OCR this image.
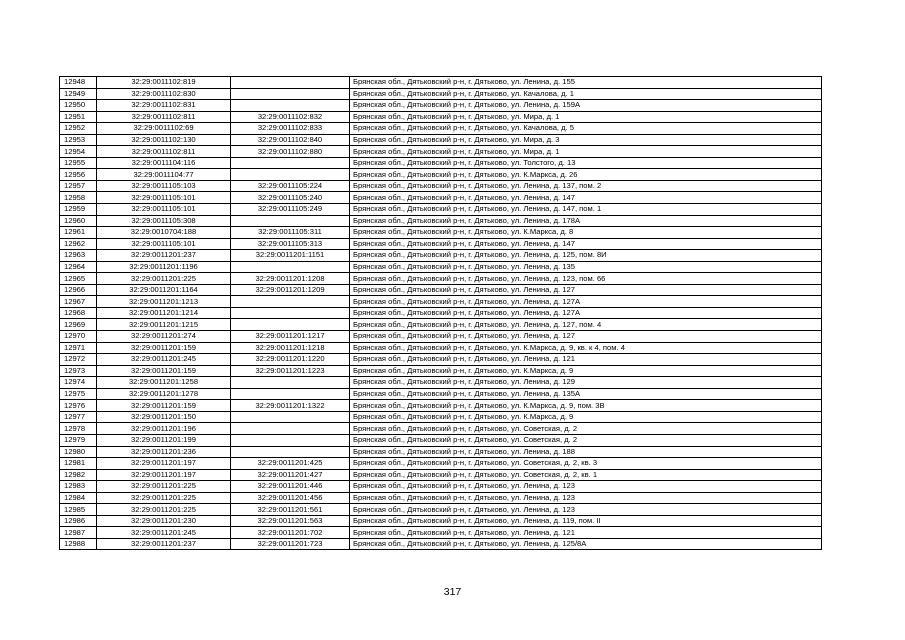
12948	32:29:0011102:819		Брянская обл., Дятьковский р-н, г. Дятьково, ул. Ленина, д. 155
12949	32:29:0011102:830		Брянская обл., Дятьковский р-н, г. Дятьково, ул. Качалова, д. 1
12950	32:29:0011102:831		Брянская обл., Дятьковский р-н, г. Дятьково, ул. Ленина, д. 159А
12951	32:29:0011102:811	32:29:0011102:832	Брянская обл., Дятьковский р-н, г. Дятьково, ул. Мира, д. 1
12952	32:29:0011102:69	32:29:0011102:833	Брянская обл., Дятьковский р-н, г. Дятьково, ул. Качалова, д. 5
12953	32:29:0011102:130	32:29:0011102:840	Брянская обл., Дятьковский р-н, г. Дятьково, ул. Мира, д. 3
12954	32:29:0011102:811	32:29:0011102:880	Брянская обл., Дятьковский р-н, г. Дятьково, ул. Мира, д. 1
12955	32:29:0011104:116		Брянская обл., Дятьковский р-н, г. Дятьково, ул. Толстого, д. 13
12956	32:29:0011104:77		Брянская обл., Дятьковский р-н, г. Дятьково, ул. К.Маркса, д. 26
12957	32:29:0011105:103	32:29:0011105:224	Брянская обл., Дятьковский р-н, г. Дятьково, ул. Ленина, д. 137, пом. 2
12958	32:29:0011105:101	32:29:0011105:240	Брянская обл., Дятьковский р-н, г. Дятьково, ул. Ленина, д. 147
12959	32:29:0011105:101	32:29:0011105:249	Брянская обл., Дятьковский р-н, г. Дятьково, ул. Ленина, д. 147, пом. 1
12960	32:29:0011105:308		Брянская обл., Дятьковский р-н, г. Дятьково, ул. Ленина, д. 178А
12961	32:29:0010704:188	32:29:0011105:311	Брянская обл., Дятьковский р-н, г. Дятьково, ул. К.Маркса, д. 8
12962	32:29:0011105:101	32:29:0011105:313	Брянская обл., Дятьковский р-н, г. Дятьково, ул. Ленина, д. 147
12963	32:29:0011201:237	32:29:0011201:1151	Брянская обл., Дятьковский р-н, г. Дятьково, ул. Ленина, д. 125, пом. 8И
12964	32:29:0011201:1196		Брянская обл., Дятьковский р-н, г. Дятьково, ул. Ленина, д. 135
12965	32:29:0011201:225	32:29:0011201:1208	Брянская обл., Дятьковский р-н, г. Дятьково, ул. Ленина, д. 123, пом. 66
12966	32:29:0011201:1164	32:29:0011201:1209	Брянская обл., Дятьковский р-н, г. Дятьково, ул. Ленина, д. 127
12967	32:29:0011201:1213		Брянская обл., Дятьковский р-н, г. Дятьково, ул. Ленина, д. 127А
12968	32:29:0011201:1214		Брянская обл., Дятьковский р-н, г. Дятьково, ул. Ленина, д. 127А
12969	32:29:0011201:1215		Брянская обл., Дятьковский р-н, г. Дятьково, ул. Ленина, д. 127, пом. 4
12970	32:29:0011201:274	32:29:0011201:1217	Брянская обл., Дятьковский р-н, г. Дятьково, ул. Ленина, д. 127
12971	32:29:0011201:159	32:29:0011201:1218	Брянская обл., Дятьковский р-н, г. Дятьково, ул. К.Маркса, д. 9, кв. к 4, пом. 4
12972	32:29:0011201:245	32:29:0011201:1220	Брянская обл., Дятьковский р-н, г. Дятьково, ул. Ленина, д. 121
12973	32:29:0011201:159	32:29:0011201:1223	Брянская обл., Дятьковский р-н, г. Дятьково, ул. К.Маркса, д. 9
12974	32:29:0011201:1258		Брянская обл., Дятьковский р-н, г. Дятьково, ул. Ленина, д. 129
12975	32:29:0011201:1278		Брянская обл., Дятьковский р-н, г. Дятьково, ул. Ленина, д. 135А
12976	32:29:0011201:159	32:29:0011201:1322	Брянская обл., Дятьковский р-н, г. Дятьково, ул. К.Маркса, д. 9, пом. 3В
12977	32:29:0011201:150		Брянская обл., Дятьковский р-н, г. Дятьково, ул. К.Маркса, д. 9
12978	32:29:0011201:196		Брянская обл., Дятьковский р-н, г. Дятьково, ул. Советская, д. 2
12979	32:29:0011201:199		Брянская обл., Дятьковский р-н, г. Дятьково, ул. Советская, д. 2
12980	32:29:0011201:236		Брянская обл., Дятьковский р-н, г. Дятьково, ул. Ленина, д. 188
12981	32:29:0011201:197	32:29:0011201:425	Брянская обл., Дятьковский р-н, г. Дятьково, ул. Советская, д. 2, кв. 3
12982	32:29:0011201:197	32:29:0011201:427	Брянская обл., Дятьковский р-н, г. Дятьково, ул. Советская, д. 2, кв. 1
12983	32:29:0011201:225	32:29:0011201:446	Брянская обл., Дятьковский р-н, г. Дятьково, ул. Ленина, д. 123
12984	32:29:0011201:225	32:29:0011201:456	Брянская обл., Дятьковский р-н, г. Дятьково, ул. Ленина, д. 123
12985	32:29:0011201:225	32:29:0011201:561	Брянская обл., Дятьковский р-н, г. Дятьково, ул. Ленина, д. 123
12986	32:29:0011201:230	32:29:0011201:563	Брянская обл., Дятьковский р-н, г. Дятьково, ул. Ленина, д. 119, пом. II
12987	32:29:0011201:245	32:29:0011201:702	Брянская обл., Дятьковский р-н, г. Дятьково, ул. Ленина, д. 121
12988	32:29:0011201:237	32:29:0011201:723	Брянская обл., Дятьковский р-н, г. Дятьково, ул. Ленина, д. 125/8А
317
